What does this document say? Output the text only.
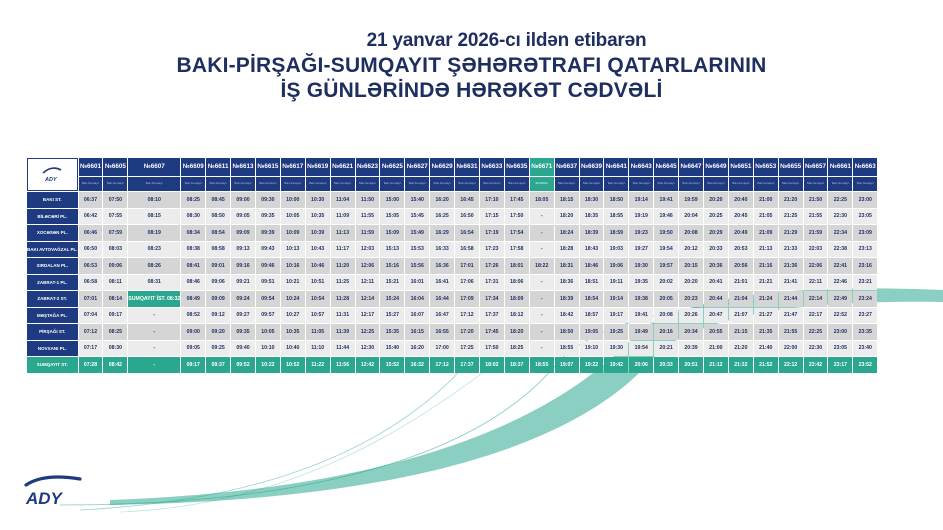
21 yanvar 2026-cı ildən etibarən
BAKI-PİRŞAĞI-SUMQAYIT ŞƏHƏRƏTRAFI QATARLARININ
İŞ GÜNLƏRİNDƏ HƏRƏKƏT CƏDVƏLİ
ADY	№6601	№6605	№6607	№6609	№6611	№6613	№6615	№6617	№6619	№6621	№6623	№6625	№6627	№6629	№6631	№6633	№6635	№6671	№6637	№6639	№6641	№6643	№6645	№6647	№6649	№6651	№6653	№6655	№6657	№6661	№6663
	Bakı-Sumqayıt	Bakı-Sumqayıt	Bakı-Sumqayıt	Bakı-Sumqayıt	Bakı-Sumqayıt	Bakı-Sumqayıt	Bakı-Sumqayıt	Bakı-Sumqayıt	Bakı-Sumqayıt	Bakı-Sumqayıt	Bakı-Sumqayıt	Bakı-Sumqayıt	Bakı-Sumqayıt	Bakı-Sumqayıt	Bakı-Sumqayıt	Bakı-Sumqayıt	Bakı-Sumqayıt	EKSPRES	Bakı-Sumqayıt	Bakı-Sumqayıt	Bakı-Sumqayıt	Bakı-Sumqayıt	Bakı-Sumqayıt	Bakı-Sumqayıt	Bakı-Sumqayıt	Bakı-Sumqayıt	Bakı-Sumqayıt	Bakı-Sumqayıt	Bakı-Sumqayıt	Bakı-Sumqayıt	Bakı-Sumqayıt
BAKI ST.	06:37	07:50	08:10	08:25	08:45	09:00	09:30	10:00	10:30	11:04	11:50	15:00	15:40	16:20	16:45	17:10	17:45	18:05	18:15	18:30	18:50	19:14	19:41	19:59	20:20	20:40	21:00	21:20	21:50	22:25	23:00
BİLƏCƏRİ PL.	06:42	07:55	08:15	08:30	08:50	09:05	09:35	10:05	10:35	11:09	11:55	15:05	15:45	16:25	16:50	17:15	17:50	-	18:20	18:35	18:55	19:19	19:46	20:04	20:25	20:45	21:05	21:25	21:55	22:30	23:05
XOCƏSƏN PL.	06:46	07:59	08:19	08:34	08:54	09:09	09:39	10:09	10:39	11:13	11:59	15:09	15:49	16:29	16:54	17:19	17:54	-	18:24	18:39	18:59	19:23	19:50	20:08	20:29	20:49	21:09	21:29	21:59	22:34	23:09
BAKI AVTOVAĞZAL PL.	06:50	08:03	08:23	08:38	08:58	09:13	09:43	10:13	10:43	11:17	12:03	15:13	15:53	16:33	16:58	17:23	17:58	-	18:28	18:43	19:03	19:27	19:54	20:12	20:33	20:53	21:13	21:33	22:03	22:38	23:13
XIRDALAN PL.	06:53	09:06	08:26	08:41	09:01	09:16	09:46	10:16	10:46	11:20	12:06	15:16	15:56	16:36	17:01	17:26	18:01	18:22	18:31	18:46	19:06	19:30	19:57	20:15	20:36	20:56	21:16	21:36	22:06	22:41	23:16
ZABRAT-1 PL.	06:58	08:11	08:31	08:46	09:06	09:21	09:51	10:21	10:51	11:25	12:11	15:21	16:01	16:41	17:06	17:31	18:06	-	18:36	18:51	19:11	19:35	20:02	20:20	20:41	21:01	21:21	21:41	22:11	22:46	23:21
ZABRAT-2 ST.	07:01	08:14	SUMQAYIT İST. 08:32	08:49	09:09	09:24	09:54	10:24	10:54	11:28	12:14	15:24	16:04	16:44	17:09	17:34	18:09	-	18:39	18:54	19:14	19:38	20:05	20:23	20:44	21:04	21:24	21:44	22:14	22:49	23:24
MƏŞTAĞA PL.	07:04	09:17	-	08:52	09:12	09:27	09:57	10:27	10:57	11:31	12:17	15:27	16:07	16:47	17:12	17:37	18:12	-	18:42	18:57	19:17	19:41	20:08	20:26	20:47	21:07	21:27	21:47	22:17	22:52	23:27
PİRŞAĞI ST.	07:12	08:25	-	09:00	09:20	09:35	10:05	10:35	11:05	11:39	12:25	15:35	16:15	16:55	17:20	17:45	18:20	-	18:50	19:05	19:25	19:49	20:16	20:34	20:55	21:15	21:35	21:55	22:25	23:00	23:35
NOVXANI PL.	07:17	08:30	-	09:05	09:25	09:40	10:10	10:40	11:10	11:44	12:30	15:40	16:20	17:00	17:25	17:50	18:25	-	18:55	19:10	19:30	19:54	20:21	20:39	21:00	21:20	21:40	22:00	22:30	23:05	23:40
SUMQAYIT ST.	07:28	08:42	-	09:17	09:37	09:52	10:22	10:52	11:22	11:56	12:42	15:52	16:32	17:12	17:37	18:02	18:37	18:55	19:07	19:22	19:42	20:06	20:33	20:51	21:12	21:32	21:52	22:12	22:42	23:17	23:52
ADY
